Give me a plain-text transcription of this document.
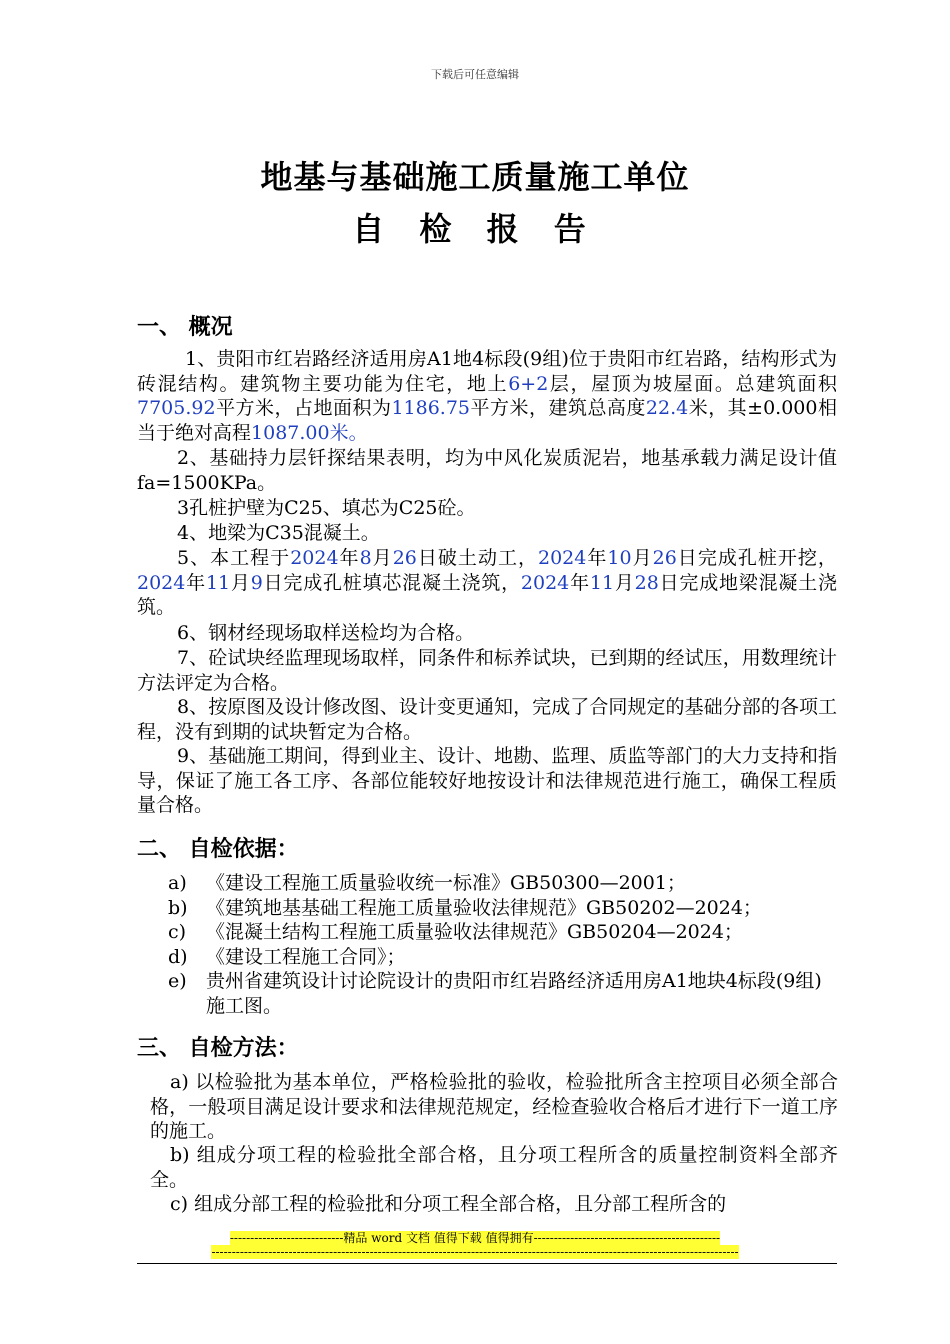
下载后可任意编辑
地基与基础施工质量施工单位
自 检 报 告
一、 概况
1、贵阳市红岩路经济适用房A1地4标段(9组)位于贵阳市红岩路，结构形式为砖混结构。建筑物主要功能为住宅，地上6+2层，屋顶为坡屋面。总建筑面积7705.92平方米，占地面积为1186.75平方米，建筑总高度22.4米，其±0.000相当于绝对高程1087.00米。
2、基础持力层钎探结果表明，均为中风化炭质泥岩，地基承载力满足设计值fa=1500KPa。
3孔桩护壁为C25、填芯为C25砼。
4、地梁为C35混凝土。
5、本工程于2024年8月26日破土动工，2024年10月26日完成孔桩开挖，2024年11月9日完成孔桩填芯混凝土浇筑，2024年11月28日完成地梁混凝土浇筑。
6、钢材经现场取样送检均为合格。
7、砼试块经监理现场取样，同条件和标养试块，已到期的经试压，用数理统计方法评定为合格。
8、按原图及设计修改图、设计变更通知，完成了合同规定的基础分部的各项工程，没有到期的试块暂定为合格。
9、基础施工期间，得到业主、设计、地勘、监理、质监等部门的大力支持和指导，保证了施工各工序、各部位能较好地按设计和法律规范进行施工，确保工程质量合格。
二、 自检依据：
a)	《建设工程施工质量验收统一标准》GB50300—2001；
b) 《建筑地基基础工程施工质量验收法律规范》GB50202—2024；
c)	《混凝土结构工程施工质量验收法律规范》GB50204—2024；
d) 《建设工程施工合同》；
e)	贵州省建筑设计讨论院设计的贵阳市红岩路经济适用房A1地块4标段(9组)施工图。
三、 自检方法：
a) 以检验批为基本单位，严格检验批的验收，检验批所含主控项目必须全部合格，一般项目满足设计要求和法律规范规定，经检查验收合格后才进行下一道工序的施工。
b) 组成分项工程的检验批全部合格，且分项工程所含的质量控制资料全部齐全。
c) 组成分部工程的检验批和分项工程全部合格，且分部工程所含的
----------------------------精品 word 文档 值得下载 值得拥有----------------------------------------------
----------------------------------------------------------------------------------------------------------------------------------
